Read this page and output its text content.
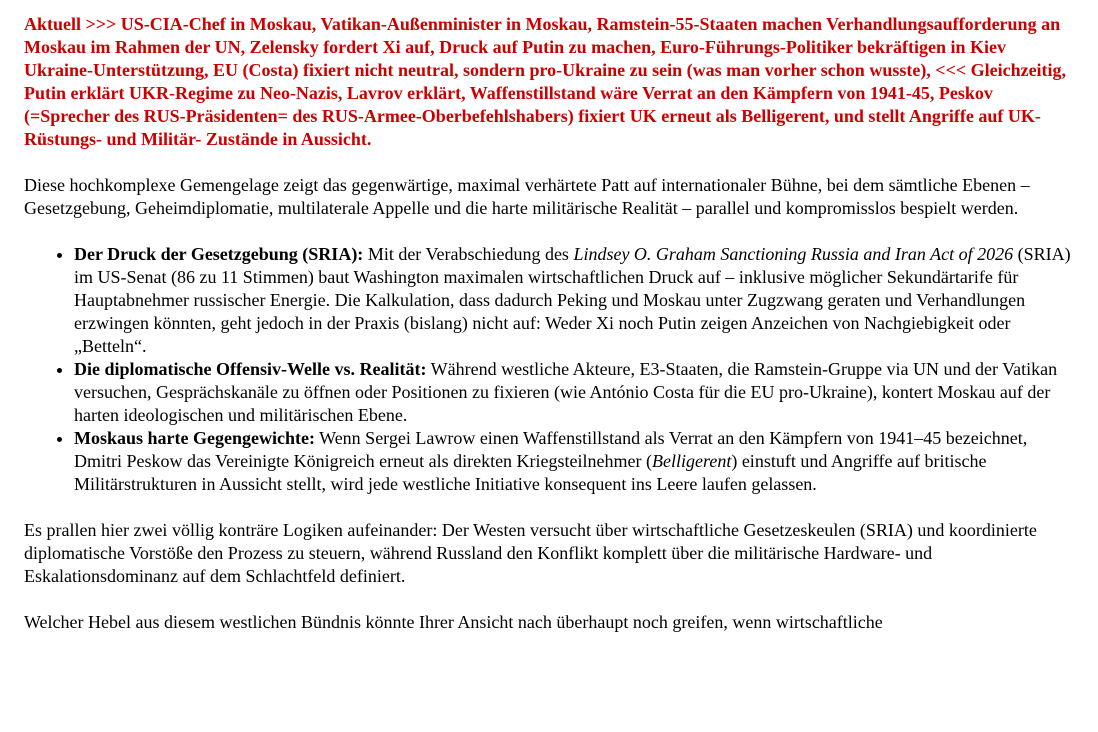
Aktuell >>> US-CIA-Chef in Moskau, Vatikan-Außenminister in Moskau, Ramstein-55-Staaten machen Verhandlungsaufforderung an Moskau im Rahmen der UN, Zelensky fordert Xi auf, Druck auf Putin zu machen, Euro-Führungs-Politiker bekräftigen in Kiev Ukraine-Unterstützung, EU (Costa) fixiert nicht neutral, sondern pro-Ukraine zu sein (was man vorher schon wusste), <<< Gleichzeitig, Putin erklärt UKR-Regime zu Neo-Nazis, Lavrov erklärt, Waffenstillstand wäre Verrat an den Kämpfern von 1941-45, Peskov (=Sprecher des RUS-Präsidenten= des RUS-Armee-Oberbefehlshabers) fixiert UK erneut als Belligerent, und stellt Angriffe auf UK-Rüstungs- und Militär- Zustände in Aussicht.

Diese hochkomplexe Gemengelage zeigt das gegenwärtige, maximal verhärtete Patt auf internationaler Bühne, bei dem sämtliche Ebenen – Gesetzgebung, Geheimdiplomatie, multilaterale Appelle und die harte militärische Realität – parallel und kompromisslos bespielt werden.

• Der Druck der Gesetzgebung (SRIA): Mit der Verabschiedung des Lindsey O. Graham Sanctioning Russia and Iran Act of 2026 (SRIA) im US-Senat (86 zu 11 Stimmen) baut Washington maximalen wirtschaftlichen Druck auf – inklusive möglicher Sekundärtarife für Hauptabnehmer russischer Energie. Die Kalkulation, dass dadurch Peking und Moskau unter Zugzwang geraten und Verhandlungen erzwingen könnten, geht jedoch in der Praxis (bislang) nicht auf: Weder Xi noch Putin zeigen Anzeichen von Nachgiebigkeit oder „Betteln“.
• Die diplomatische Offensiv-Welle vs. Realität: Während westliche Akteure, E3-Staaten, die Ramstein-Gruppe via UN und der Vatikan versuchen, Gesprächskanäle zu öffnen oder Positionen zu fixieren (wie António Costa für die EU pro-Ukraine), kontert Moskau auf der harten ideologischen und militärischen Ebene.
• Moskaus harte Gegengewichte: Wenn Sergei Lawrow einen Waffenstillstand als Verrat an den Kämpfern von 1941–45 bezeichnet, Dmitri Peskow das Vereinigte Königreich erneut als direkten Kriegsteilnehmer (Belligerent) einstuft und Angriffe auf britische Militärstrukturen in Aussicht stellt, wird jede westliche Initiative konsequent ins Leere laufen gelassen.

Es prallen hier zwei völlig konträre Logiken aufeinander: Der Westen versucht über wirtschaftliche Gesetzeskeulen (SRIA) und koordinierte diplomatische Vorstöße den Prozess zu steuern, während Russland den Konflikt komplett über die militärische Hardware- und Eskalationsdominanz auf dem Schlachtfeld definiert.

Welcher Hebel aus diesem westlichen Bündnis könnte Ihrer Ansicht nach überhaupt noch greifen, wenn wirtschaftliche
